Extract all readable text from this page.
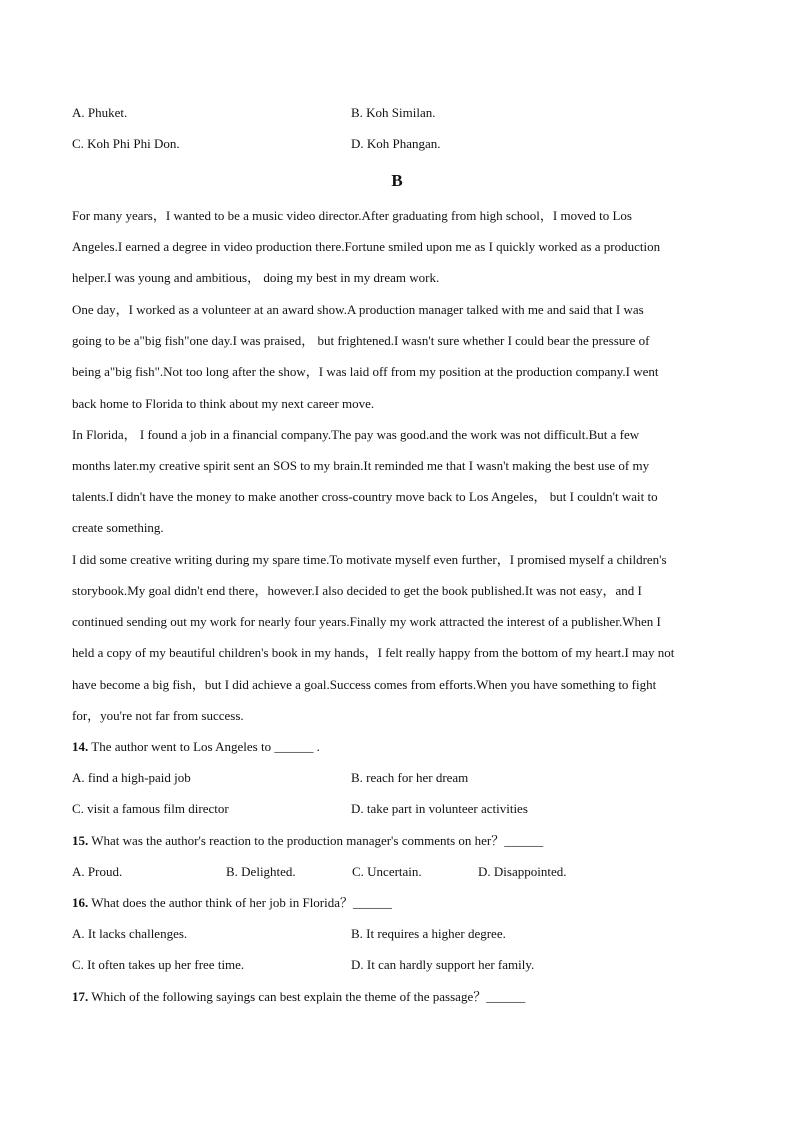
A. Phuket.	B. Koh Similan.
C. Koh Phi Phi Don.	D. Koh Phangan.
B
For many years，I wanted to be a music video director.After graduating from high school，I moved to Los
Angeles.I earned a degree in video production there.Fortune smiled upon me as I quickly worked as a production
helper.I was young and ambitious， doing my best in my dream work.
One day，I worked as a volunteer at an award show.A production manager talked with me and said that I was
going to be a"big fish"one day.I was praised， but frightened.I wasn't sure whether I could bear the pressure of
being a"big fish".Not too long after the show，I was laid off from my position at the production company.I went
back home to Florida to think about my next career move.
In Florida， I found a job in a financial company.The pay was good.and the work was not difficult.But a few
months later.my creative spirit sent an SOS to my brain.It reminded me that I wasn't making the best use of my
talents.I didn't have the money to make another cross-country move back to Los Angeles， but I couldn't wait to
create something.
I did some creative writing during my spare time.To motivate myself even further，I promised myself a children's
storybook.My goal didn't end there，however.I also decided to get the book published.It was not easy，and I
continued sending out my work for nearly four years.Finally my work attracted the interest of a publisher.When I
held a copy of my beautiful children's book in my hands，I felt really happy from the bottom of my heart.I may not
have become a big fish，but I did achieve a goal.Success comes from efforts.When you have something to fight
for，you're not far from success.
14. The author went to Los Angeles to ______ .
A. find a high-paid job	B. reach for her dream
C. visit a famous film director	D. take part in volunteer activities
15. What was the author's reaction to the production manager's comments on her？______
A. Proud.	B. Delighted.	C. Uncertain.	D. Disappointed.
16. What does the author think of her job in Florida？______
A. It lacks challenges.	B. It requires a higher degree.
C. It often takes up her free time.	D. It can hardly support her family.
17. Which of the following sayings can best explain the theme of the passage？______
